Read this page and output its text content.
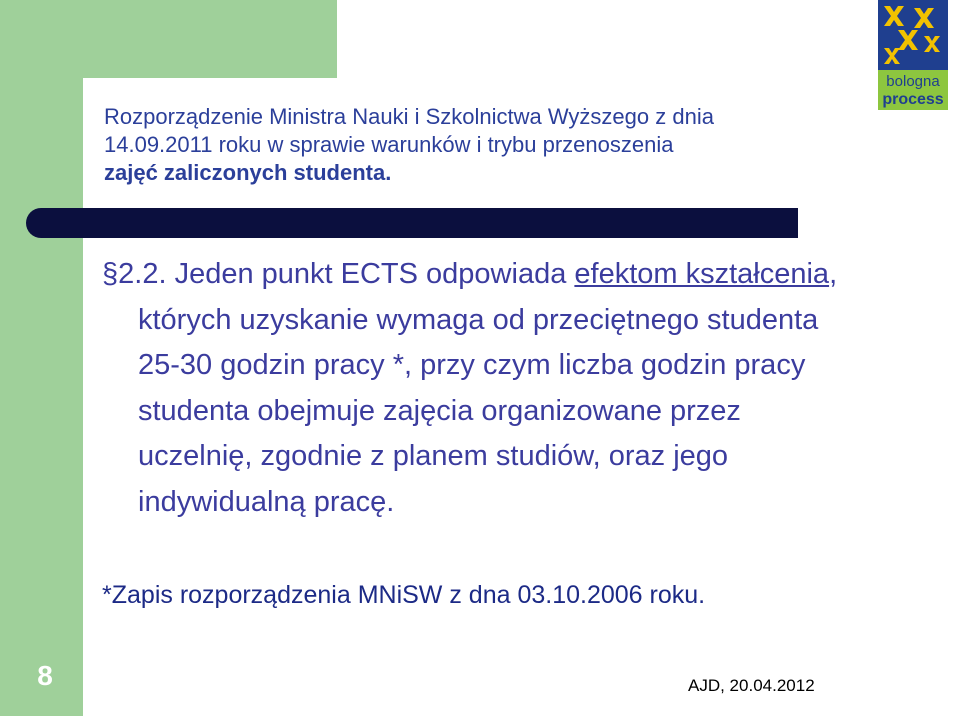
bologna
process
Rozporządzenie Ministra Nauki i Szkolnictwa Wyższego z dnia
14.09.2011 roku w sprawie warunków i trybu przenoszenia
zajęć zaliczonych studenta.
§2.2. Jeden punkt ECTS odpowiada efektom kształcenia, których uzyskanie wymaga od przeciętnego studenta 25-30 godzin pracy *, przy czym liczba godzin pracy studenta obejmuje zajęcia organizowane przez uczelnię, zgodnie z planem studiów, oraz jego indywidualną pracę.
*Zapis rozporządzenia MNiSW z dna 03.10.2006 roku.
8	AJD, 20.04.2012
